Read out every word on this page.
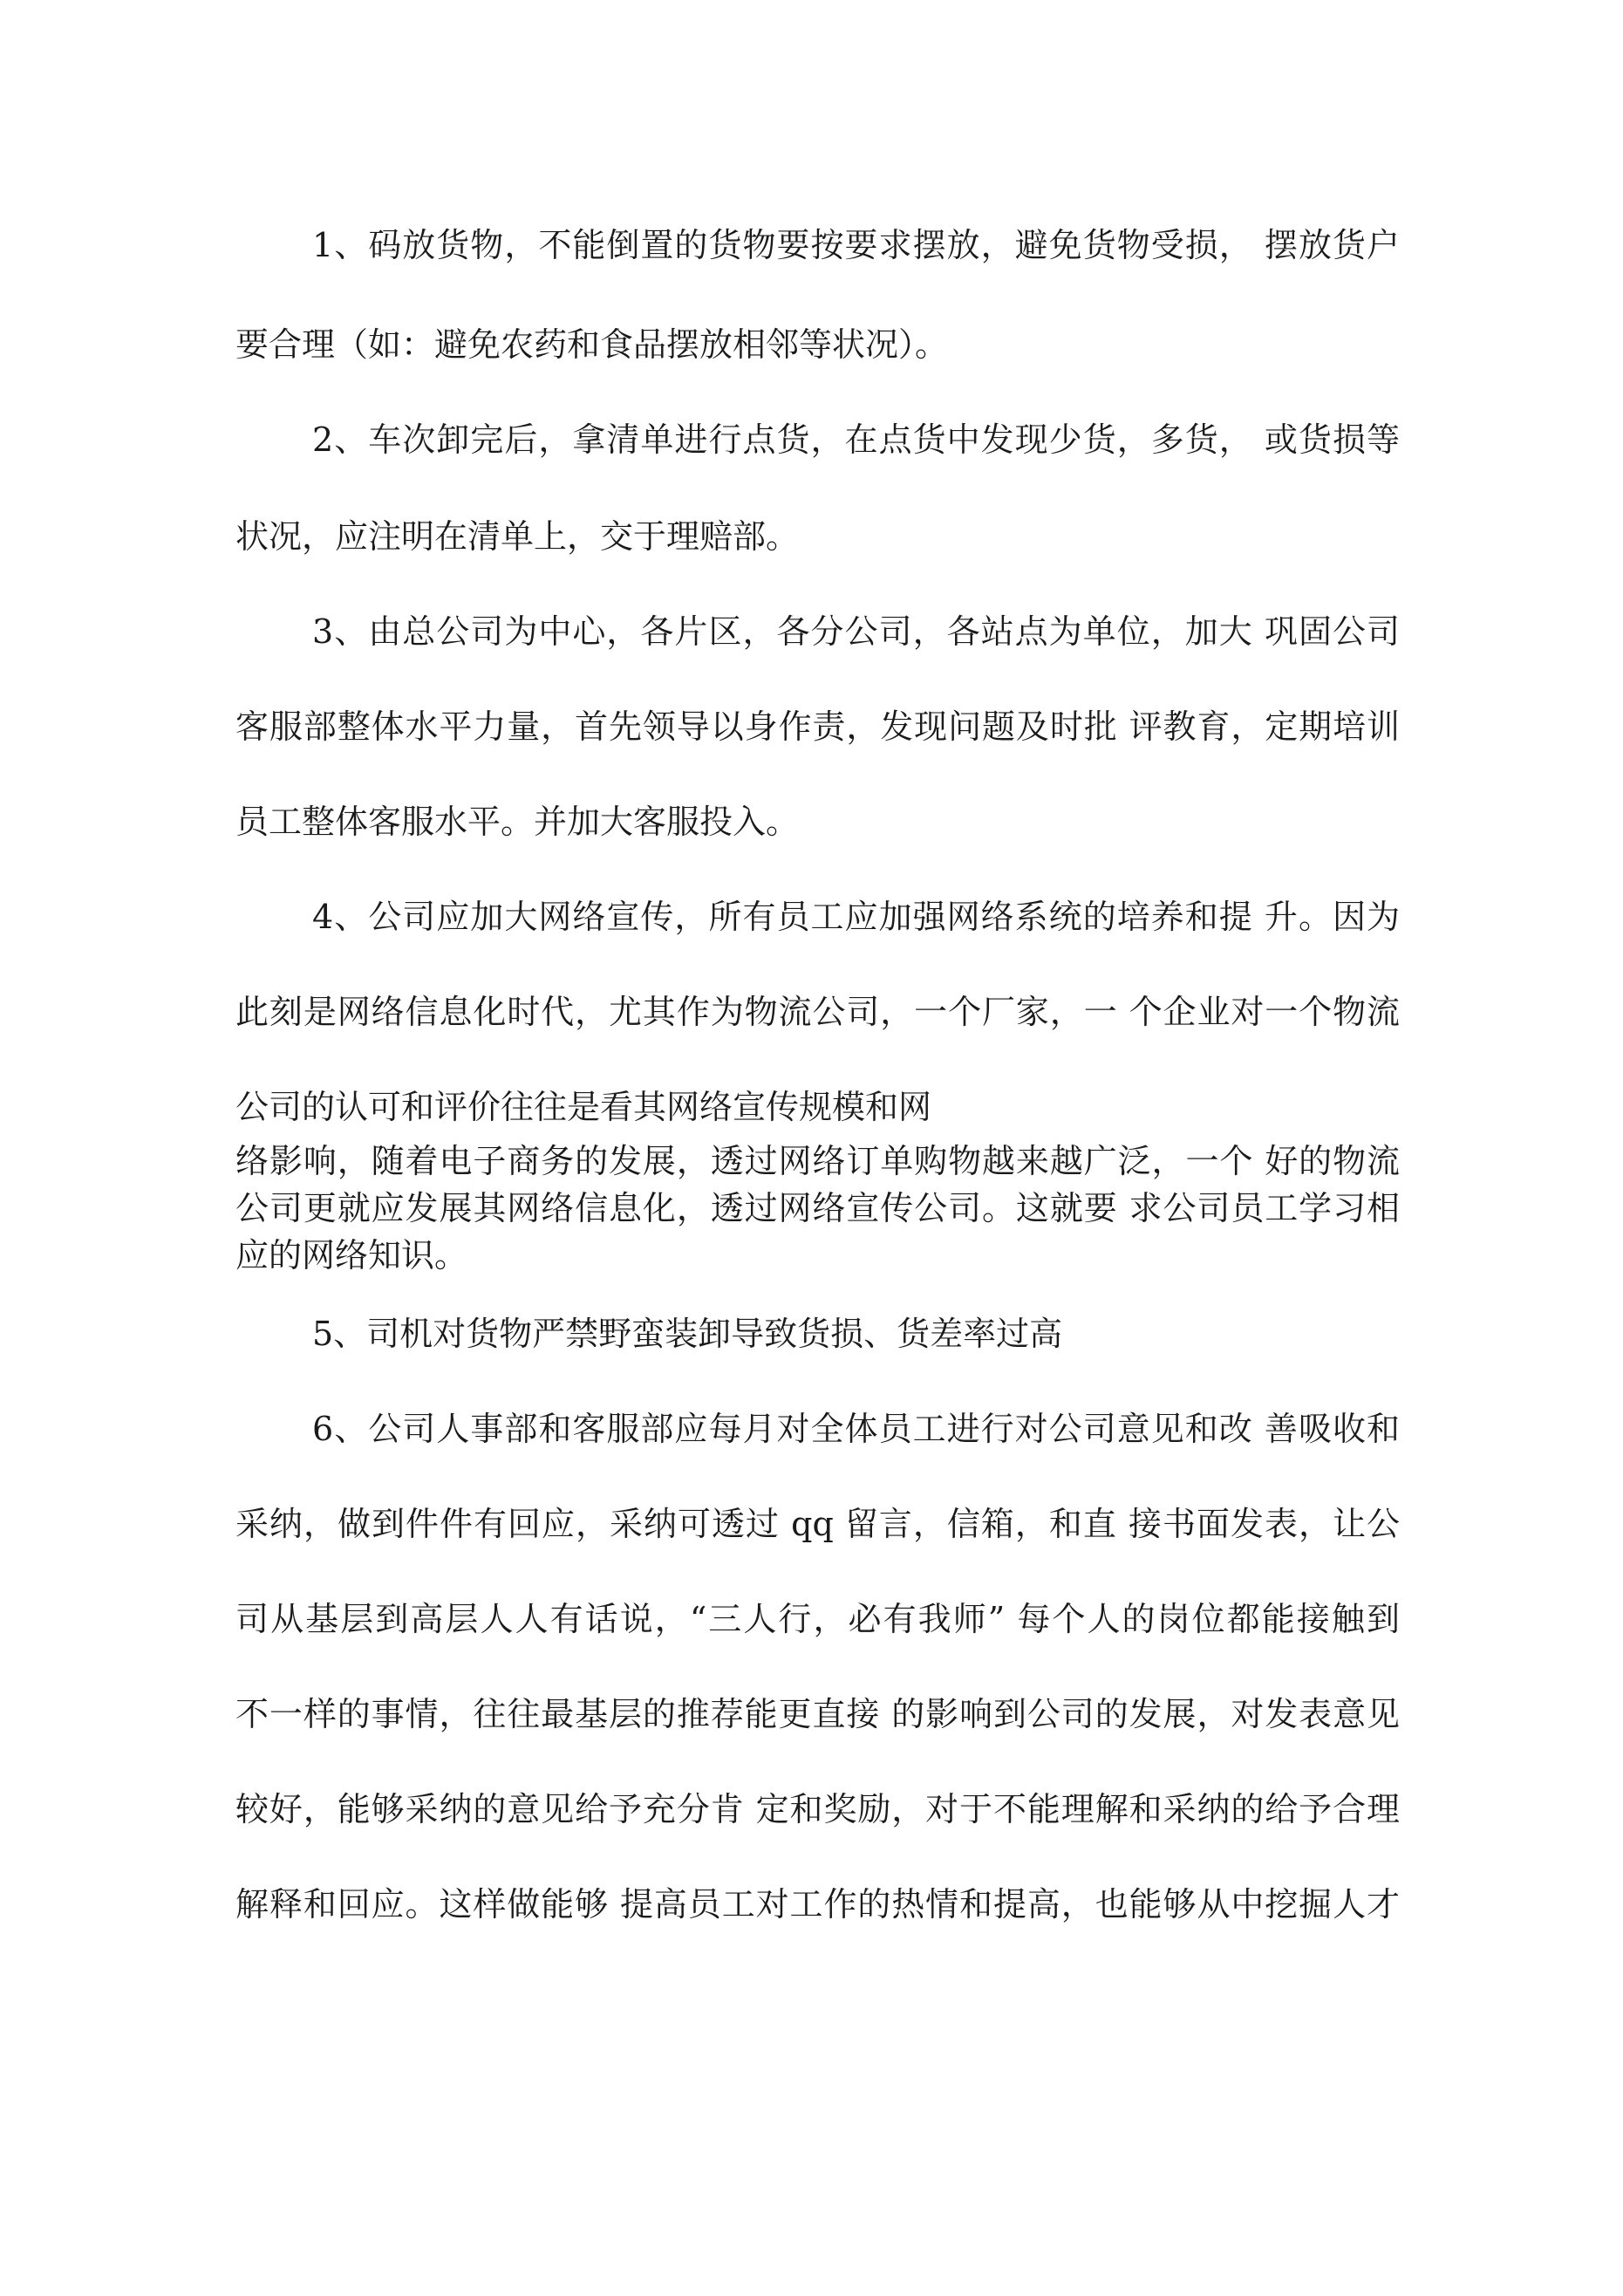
1、码放货物，不能倒置的货物要按要求摆放，避免货物受损， 摆放货户
要合理（如：避免农药和食品摆放相邻等状况）。
2、车次卸完后，拿清单进行点货，在点货中发现少货，多货， 或货损等
状况，应注明在清单上，交于理赔部。
3、由总公司为中心，各片区，各分公司，各站点为单位，加大 巩固公司
客服部整体水平力量，首先领导以身作责，发现问题及时批 评教育，定期培训
员工整体客服水平。并加大客服投入。
4、公司应加大网络宣传，所有员工应加强网络系统的培养和提 升。因为
此刻是网络信息化时代，尤其作为物流公司，一个厂家，一 个企业对一个物流
公司的认可和评价往往是看其网络宣传规模和网
络影响，随着电子商务的发展，透过网络订单购物越来越广泛，一个 好的物流
公司更就应发展其网络信息化，透过网络宣传公司。这就要 求公司员工学习相
应的网络知识。
5、司机对货物严禁野蛮装卸导致货损、货差率过高
6、公司人事部和客服部应每月对全体员工进行对公司意见和改 善吸收和
采纳，做到件件有回应，采纳可透过 qq 留言，信箱，和直 接书面发表，让公
司从基层到高层人人有话说，“三人行，必有我师” 每个人的岗位都能接触到
不一样的事情，往往最基层的推荐能更直接 的影响到公司的发展，对发表意见
较好，能够采纳的意见给予充分肯 定和奖励，对于不能理解和采纳的给予合理
解释和回应。这样做能够 提高员工对工作的热情和提高，也能够从中挖掘人才
